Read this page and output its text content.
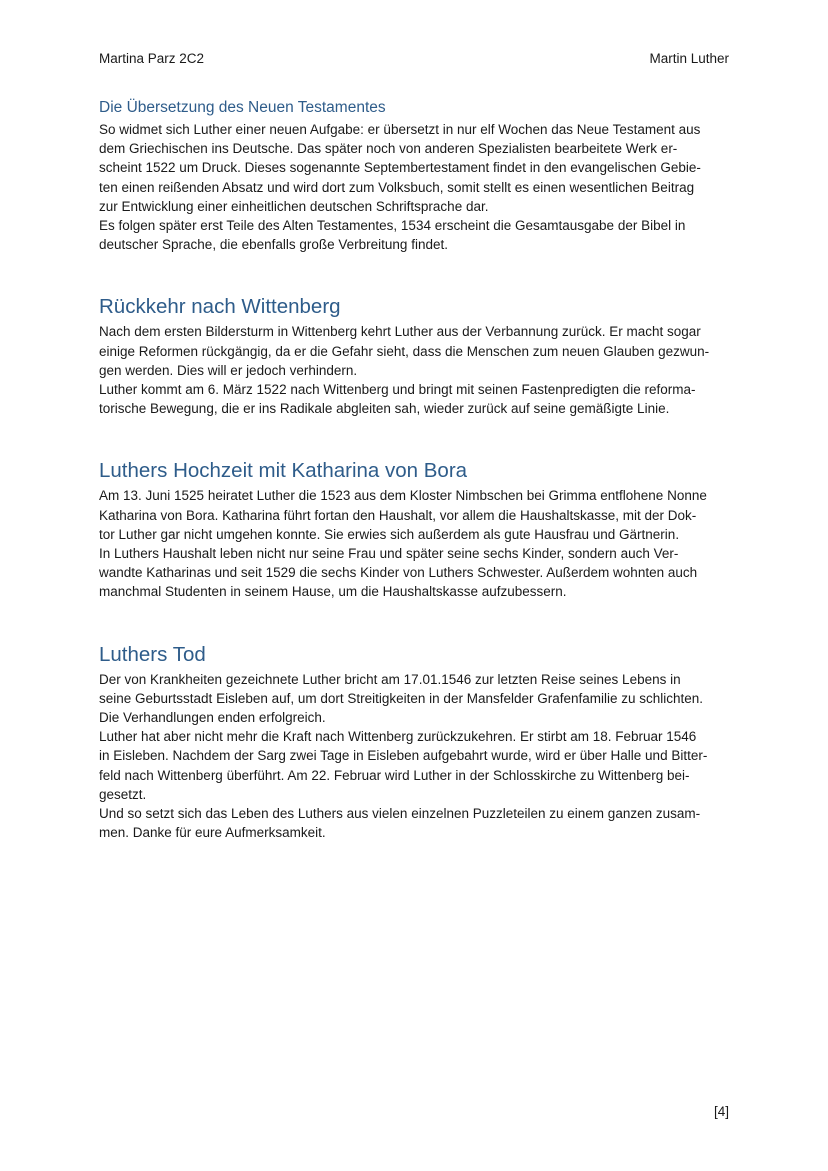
Martina Parz 2C2	Martin Luther
Die Übersetzung des Neuen Testamentes
So widmet sich Luther einer neuen Aufgabe: er übersetzt in nur elf Wochen das Neue Testament aus
dem Griechischen ins Deutsche. Das später noch von anderen Spezialisten bearbeitete Werk er-
scheint 1522 um Druck. Dieses sogenannte Septembertestament findet in den evangelischen Gebie-
ten einen reißenden Absatz und wird dort zum Volksbuch, somit stellt es einen wesentlichen Beitrag
zur Entwicklung einer einheitlichen deutschen Schriftsprache dar.
Es folgen später erst Teile des Alten Testamentes, 1534 erscheint die Gesamtausgabe der Bibel in
deutscher Sprache, die ebenfalls große Verbreitung findet.
Rückkehr nach Wittenberg
Nach dem ersten Bildersturm in Wittenberg kehrt Luther aus der Verbannung zurück. Er macht sogar
einige Reformen rückgängig, da er die Gefahr sieht, dass die Menschen zum neuen Glauben gezwun-
gen werden. Dies will er jedoch verhindern.
Luther kommt am 6. März 1522 nach Wittenberg und bringt mit seinen Fastenpredigten die reforma-
torische Bewegung, die er ins Radikale abgleiten sah, wieder zurück auf seine gemäßigte Linie.
Luthers Hochzeit mit Katharina von Bora
Am 13. Juni 1525 heiratet Luther die 1523 aus dem Kloster Nimbschen bei Grimma entflohene Nonne
Katharina von Bora. Katharina führt fortan den Haushalt, vor allem die Haushaltskasse, mit der Dok-
tor Luther gar nicht umgehen konnte. Sie erwies sich außerdem als gute Hausfrau und Gärtnerin.
In Luthers Haushalt leben nicht nur seine Frau und später seine sechs Kinder, sondern auch Ver-
wandte Katharinas und seit 1529 die sechs Kinder von Luthers Schwester. Außerdem wohnten auch
manchmal Studenten in seinem Hause, um die Haushaltskasse aufzubessern.
Luthers Tod
Der von Krankheiten gezeichnete Luther bricht am 17.01.1546 zur letzten Reise seines Lebens in
seine Geburtsstadt Eisleben auf, um dort Streitigkeiten in der Mansfelder Grafenfamilie zu schlichten.
Die Verhandlungen enden erfolgreich.
Luther hat aber nicht mehr die Kraft nach Wittenberg zurückzukehren. Er stirbt am 18. Februar 1546
in Eisleben. Nachdem der Sarg zwei Tage in Eisleben aufgebahrt wurde, wird er über Halle und Bitter-
feld nach Wittenberg überführt. Am 22. Februar wird Luther in der Schlosskirche zu Wittenberg bei-
gesetzt.
Und so setzt sich das Leben des Luthers aus vielen einzelnen Puzzleteilen zu einem ganzen zusam-
men. Danke für eure Aufmerksamkeit.
[4]
